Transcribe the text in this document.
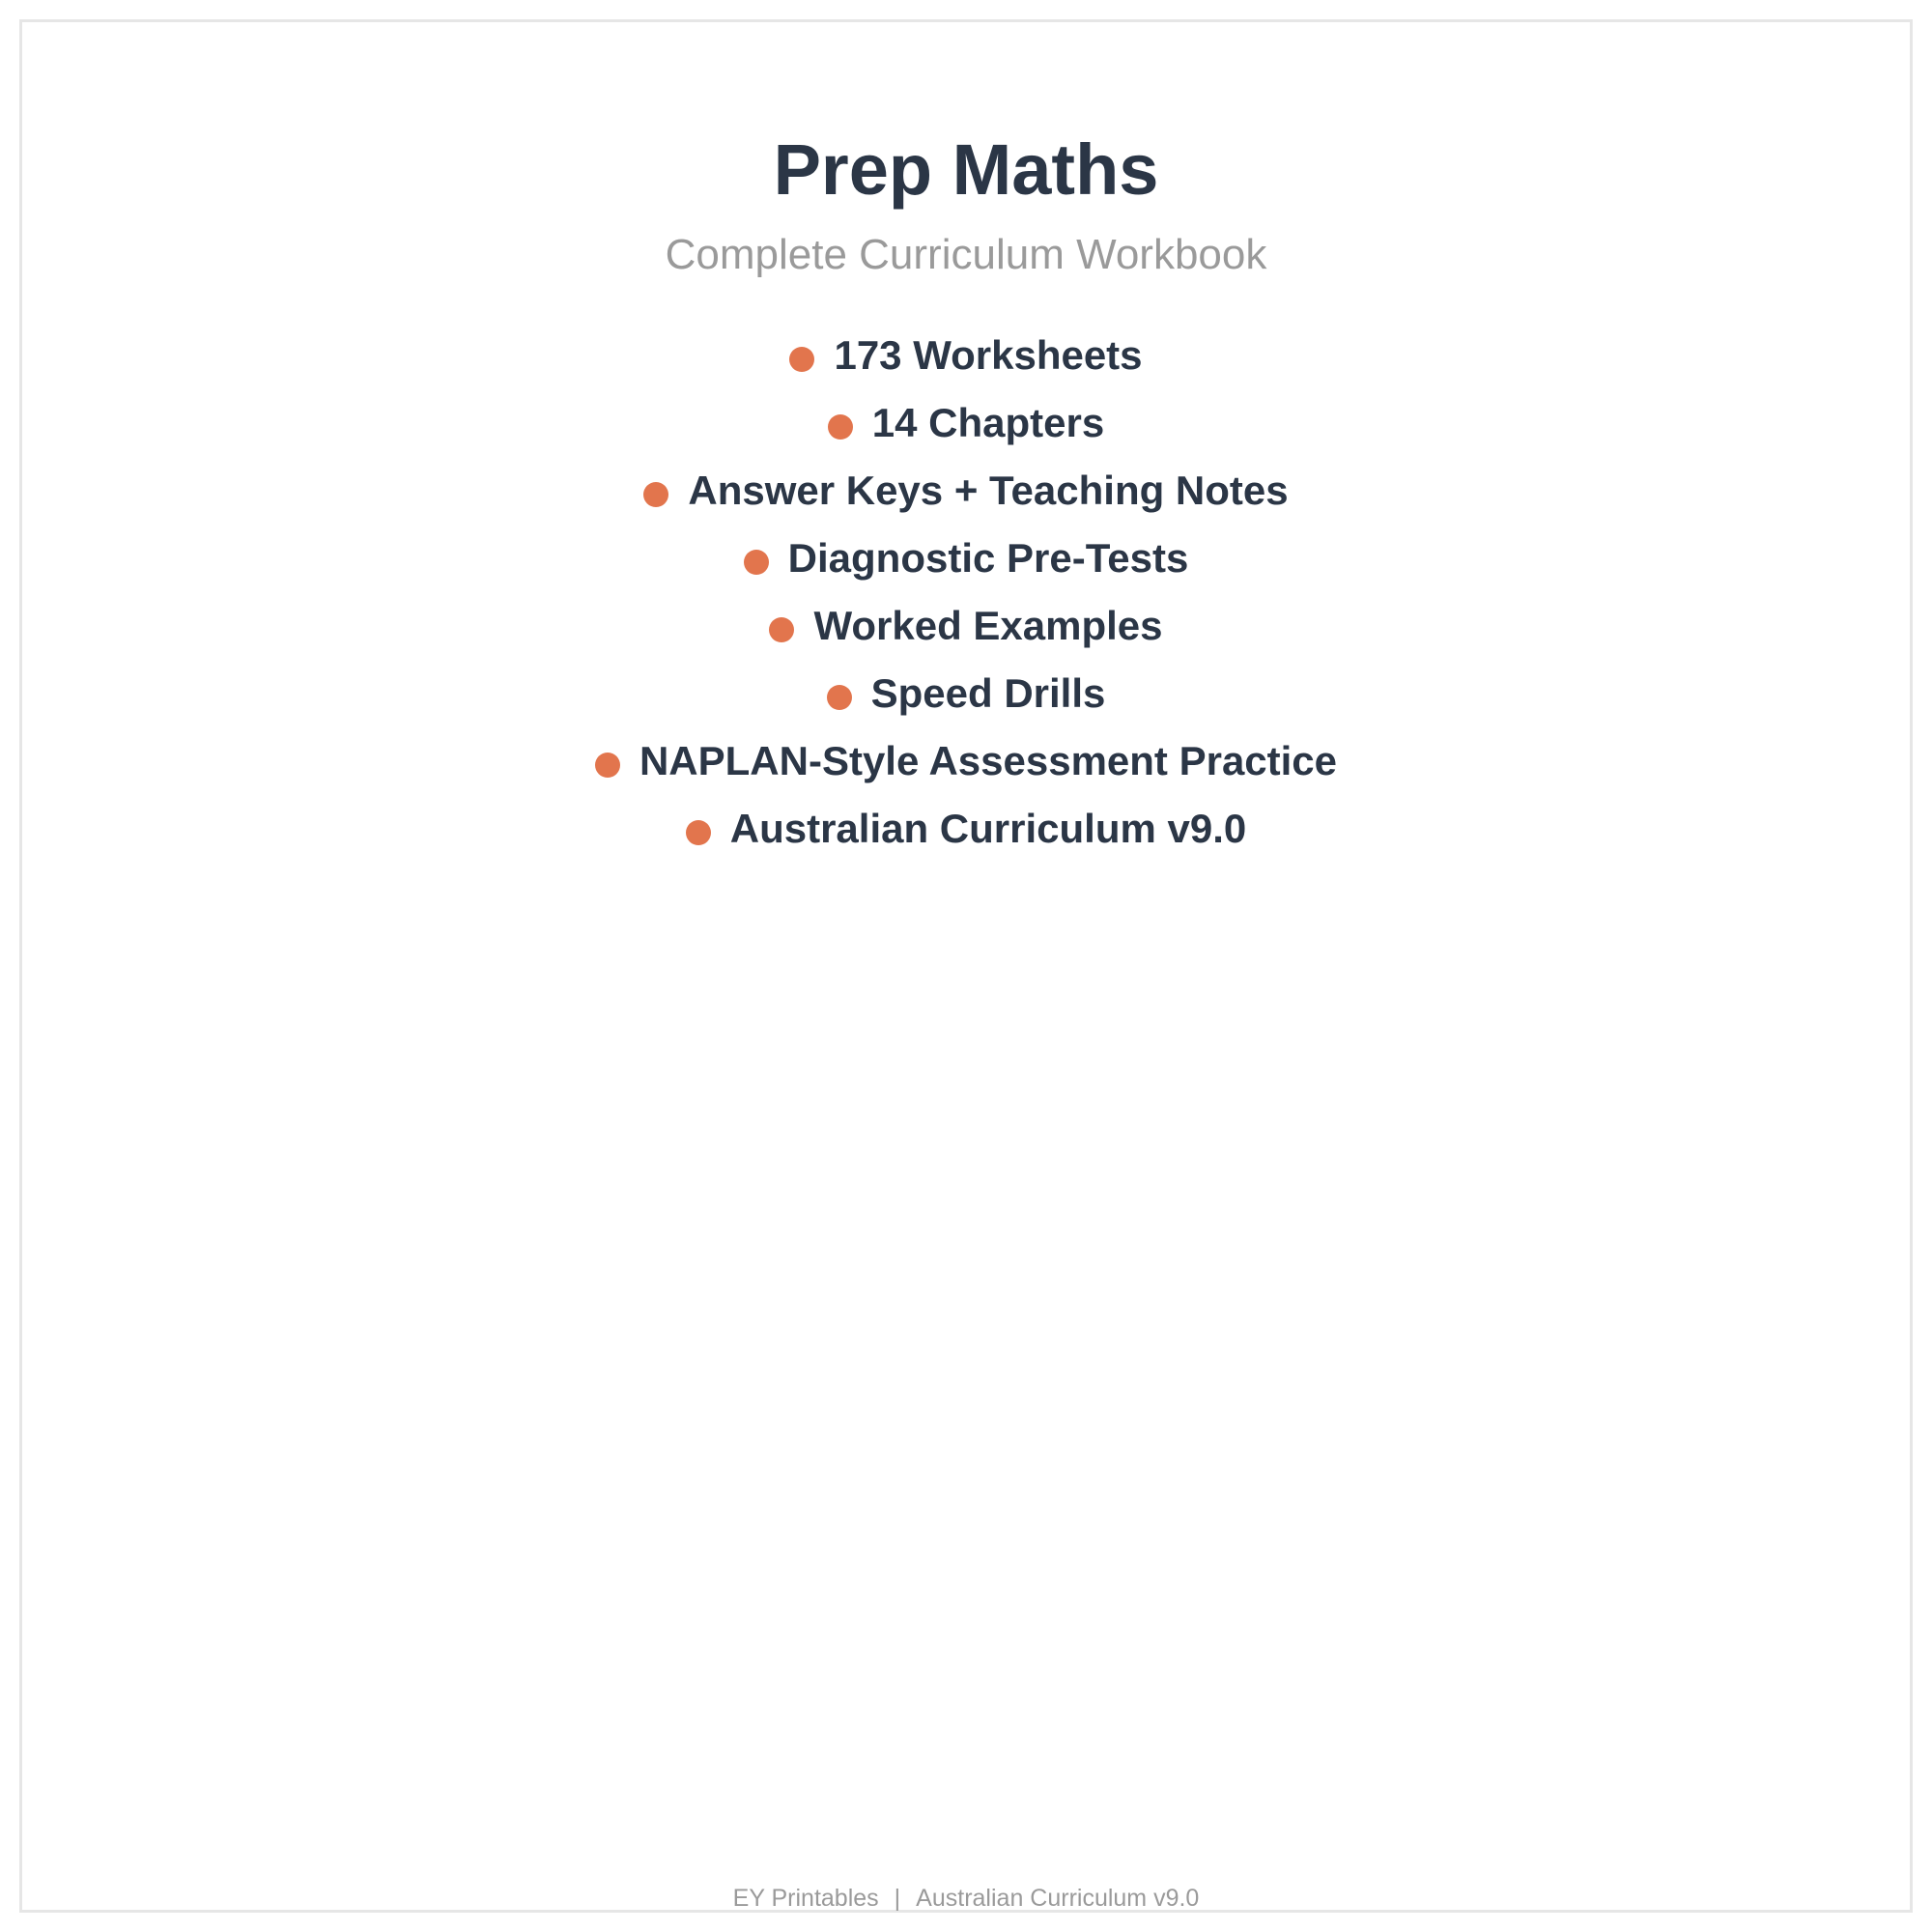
Prep Maths
Complete Curriculum Workbook
173 Worksheets
14 Chapters
Answer Keys + Teaching Notes
Diagnostic Pre-Tests
Worked Examples
Speed Drills
NAPLAN-Style Assessment Practice
Australian Curriculum v9.0
EY Printables | Australian Curriculum v9.0
